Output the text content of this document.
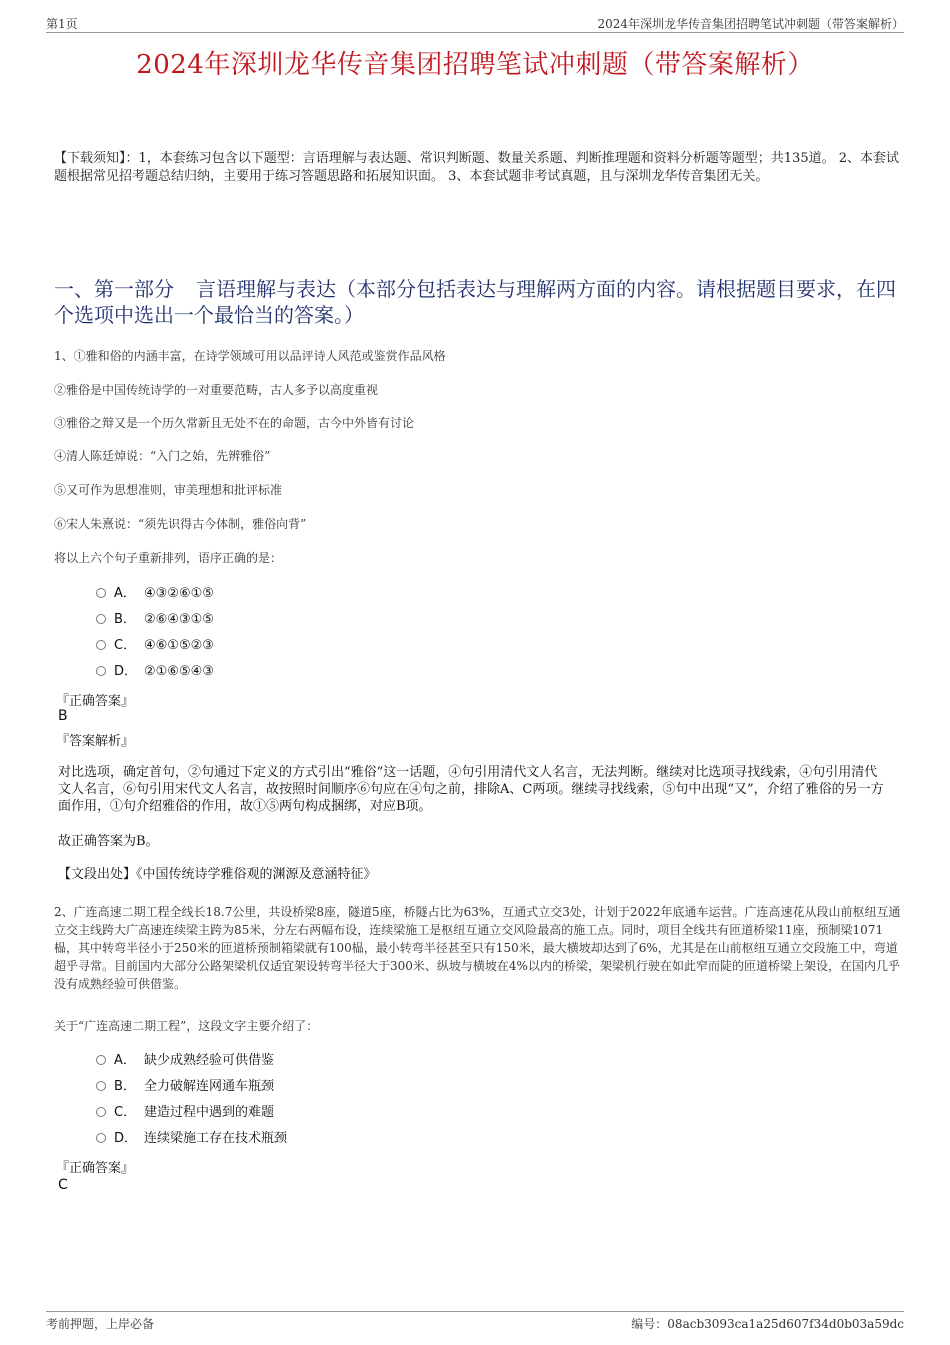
第1页	2024年深圳龙华传音集团招聘笔试冲刺题（带答案解析）
2024年深圳龙华传音集团招聘笔试冲刺题（带答案解析）
【下载须知】：1，本套练习包含以下题型：言语理解与表达题、常识判断题、数量关系题、判断推理题和资料分析题等题型；共135道。 2、本套试题根据常见招考题总结归纳，主要用于练习答题思路和拓展知识面。 3、本套试题非考试真题，且与深圳龙华传音集团无关。
一、第一部分 言语理解与表达（本部分包括表达与理解两方面的内容。请根据题目要求，在四个选项中选出一个最恰当的答案。）
1、①雅和俗的内涵丰富，在诗学领域可用以品评诗人风范或鉴赏作品风格
②雅俗是中国传统诗学的一对重要范畴，古人多予以高度重视
③雅俗之辩又是一个历久常新且无处不在的命题，古今中外皆有讨论
④清人陈廷焯说：“入门之始，先辨雅俗”
⑤又可作为思想准则，审美理想和批评标准
⑥宋人朱熹说：“须先识得古今体制，雅俗向背”
将以上六个句子重新排列，语序正确的是：
A． ④③②⑥①⑤
B． ②⑥④③①⑤
C． ④⑥①⑤②③
D． ②①⑥⑤④③
『正确答案』
B
『答案解析』
对比选项，确定首句，②句通过下定义的方式引出“雅俗”这一话题，④句引用清代文人名言，无法判断。继续对比选项寻找线索，④句引用清代文人名言，⑥句引用宋代文人名言，故按照时间顺序⑥句应在④句之前，排除A、C两项。继续寻找线索，⑤句中出现“又”，介绍了雅俗的另一方面作用，①句介绍雅俗的作用，故①⑤两句构成捆绑，对应B项。
故正确答案为B。
【文段出处】《中国传统诗学雅俗观的渊源及意涵特征》
2、广连高速二期工程全线长18.7公里，共设桥梁8座，隧道5座，桥隧占比为63%，互通式立交3处，计划于2022年底通车运营。广连高速花从段山前枢纽互通立交主线跨大广高速连续梁主跨为85米，分左右两幅布设，连续梁施工是枢纽互通立交风险最高的施工点。同时，项目全线共有匝道桥梁11座，预制梁1071榀，其中转弯半径小于250米的匝道桥预制箱梁就有100榀，最小转弯半径甚至只有150米，最大横坡却达到了6%，尤其是在山前枢纽互通立交段施工中，弯道超乎寻常。目前国内大部分公路架梁机仅适宜架设转弯半径大于300米、纵坡与横坡在4%以内的桥梁，架梁机行驶在如此窄而陡的匝道桥梁上架设，在国内几乎没有成熟经验可供借鉴。
关于“广连高速二期工程”，这段文字主要介绍了：
A． 缺少成熟经验可供借鉴
B． 全力破解连网通车瓶颈
C． 建造过程中遇到的难题
D． 连续梁施工存在技术瓶颈
『正确答案』
C
考前押题，上岸必备	编号：08acb3093ca1a25d607f34d0b03a59dc
